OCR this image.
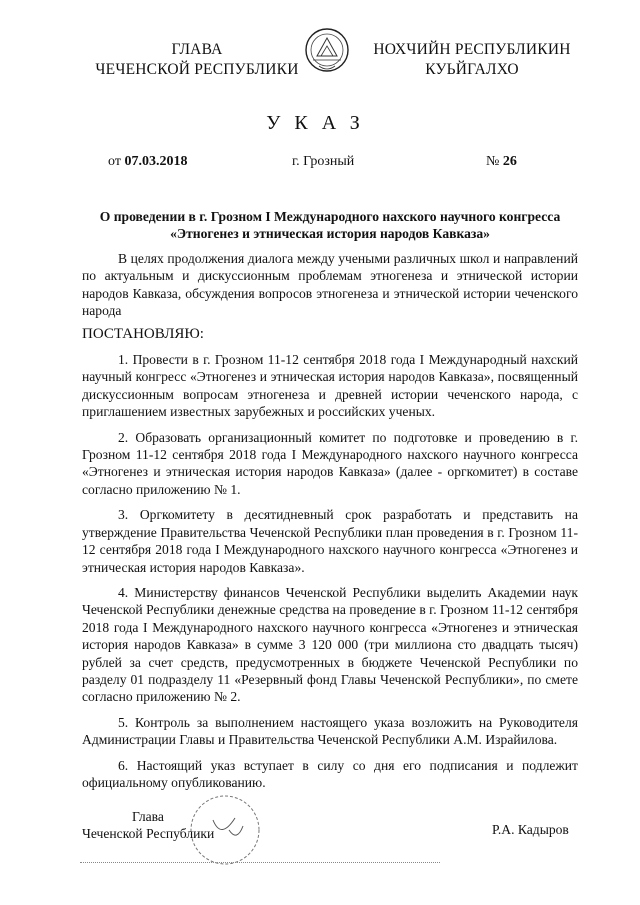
ГЛАВА
ЧЕЧЕНСКОЙ РЕСПУБЛИКИ
НОХЧИЙН РЕСПУБЛИКИН
КУЬЙГАЛХО
УКАЗ
от 07.03.2018	г. Грозный	№ 26
О проведении в г. Грозном I Международного нахского научного конгресса
«Этногенез и этническая история народов Кавказа»

В целях продолжения диалога между учеными различных школ и направлений по актуальным и дискуссионным проблемам этногенеза и этнической истории народов Кавказа, обсуждения вопросов этногенеза и этнической истории чеченского народа

ПОСТАНОВЛЯЮ:

1. Провести в г. Грозном 11-12 сентября 2018 года I Международный нахский научный конгресс «Этногенез и этническая история народов Кавказа», посвященный дискуссионным вопросам этногенеза и древней истории чеченского народа, с приглашением известных зарубежных и российских ученых.

2. Образовать организационный комитет по подготовке и проведению в г. Грозном 11-12 сентября 2018 года I Международного нахского научного конгресса «Этногенез и этническая история народов Кавказа» (далее - оргкомитет) в составе согласно приложению № 1.

3. Оргкомитету в десятидневный срок разработать и представить на утверждение Правительства Чеченской Республики план проведения в г. Грозном 11-12 сентября 2018 года I Международного нахского научного конгресса «Этногенез и этническая история народов Кавказа».

4. Министерству финансов Чеченской Республики выделить Академии наук Чеченской Республики денежные средства на проведение в г. Грозном 11-12 сентября 2018 года I Международного нахского научного конгресса «Этногенез и этническая история народов Кавказа» в сумме 3 120 000 (три миллиона сто двадцать тысяч) рублей за счет средств, предусмотренных в бюджете Чеченской Республики по разделу 01 подразделу 11 «Резервный фонд Главы Чеченской Республики», по смете согласно приложению № 2.

5. Контроль за выполнением настоящего указа возложить на Руководителя Администрации Главы и Правительства Чеченской Республики А.М. Израйилова.

6. Настоящий указ вступает в силу со дня его подписания и подлежит официальному опубликованию.

Глава
Чеченской Республики	Р.А. Кадыров
